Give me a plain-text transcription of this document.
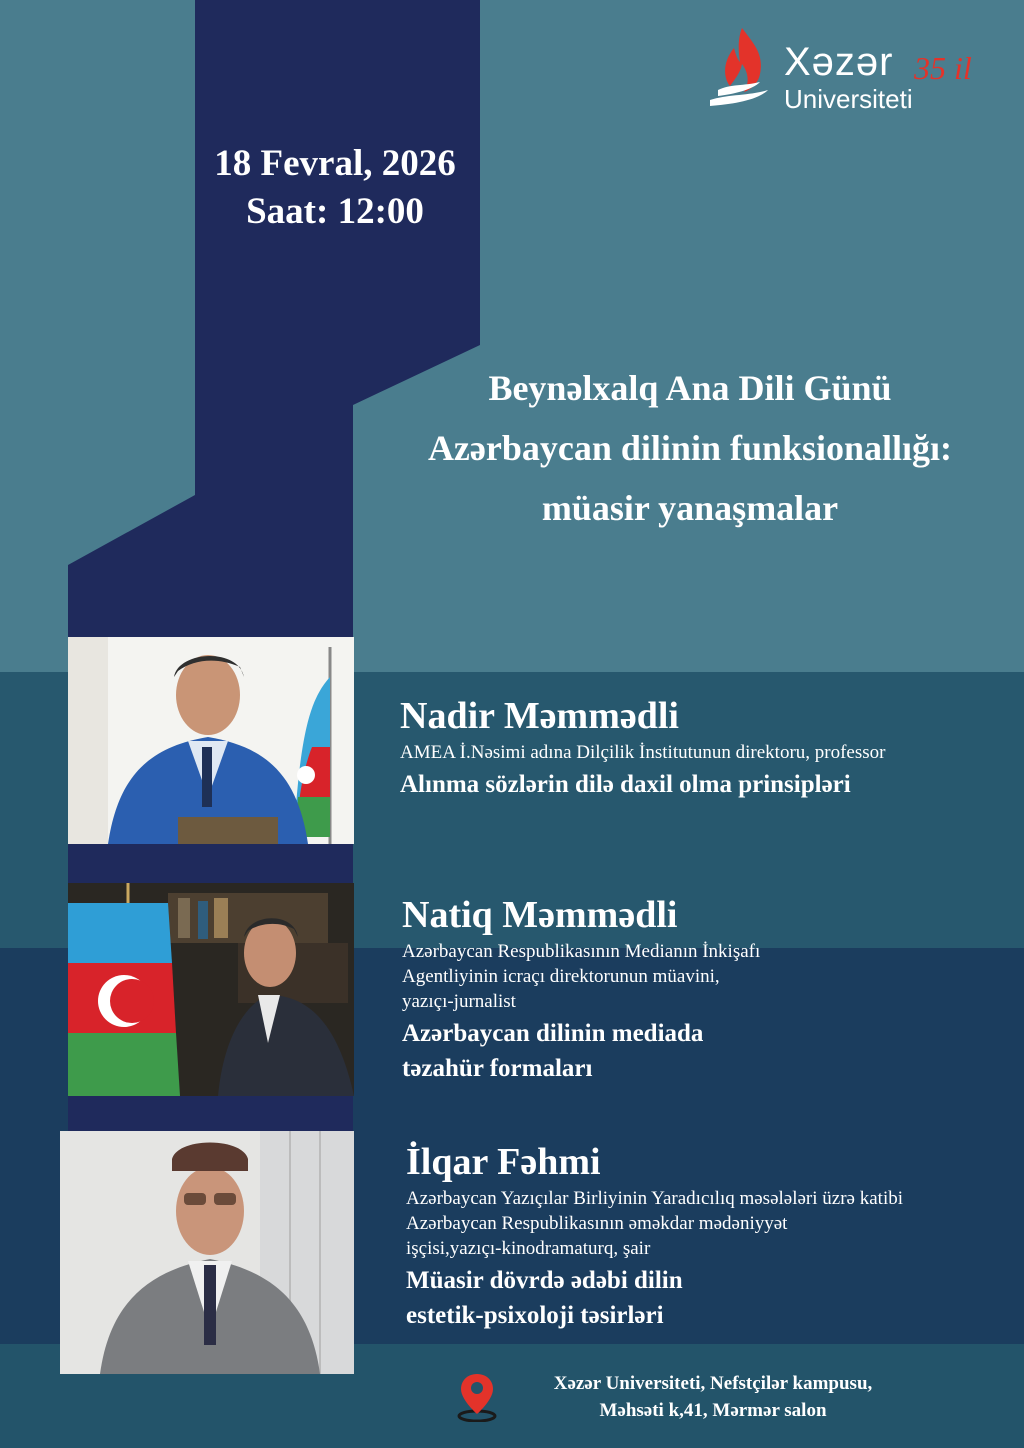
Xəzər 35 il
Universiteti
18 Fevral, 2026
Saat: 12:00
Beynəlxalq Ana Dili Günü
Azərbaycan dilinin funksionallığı:
müasir yanaşmalar
Nadir Məmmədli
AMEA İ.Nəsimi adına Dilçilik İnstitutunun direktoru, professor
Alınma sözlərin dilə daxil olma prinsipləri
Natiq Məmmədli
Azərbaycan Respublikasının Medianın İnkişafı
Agentliyinin icraçı direktorunun müavini,
yazıçı-jurnalist
Azərbaycan dilinin mediada
təzahür formaları
İlqar Fəhmi
Azərbaycan Yazıçılar Birliyinin Yaradıcılıq məsələləri üzrə katibi
Azərbaycan Respublikasının əməkdar mədəniyyət
işçisi,yazıçı-kinodramaturq, şair
Müasir dövrdə ədəbi dilin
estetik-psixoloji təsirləri
Xəzər Universiteti, Nefstçilər kampusu,
Məhsəti k,41, Mərmər salon
